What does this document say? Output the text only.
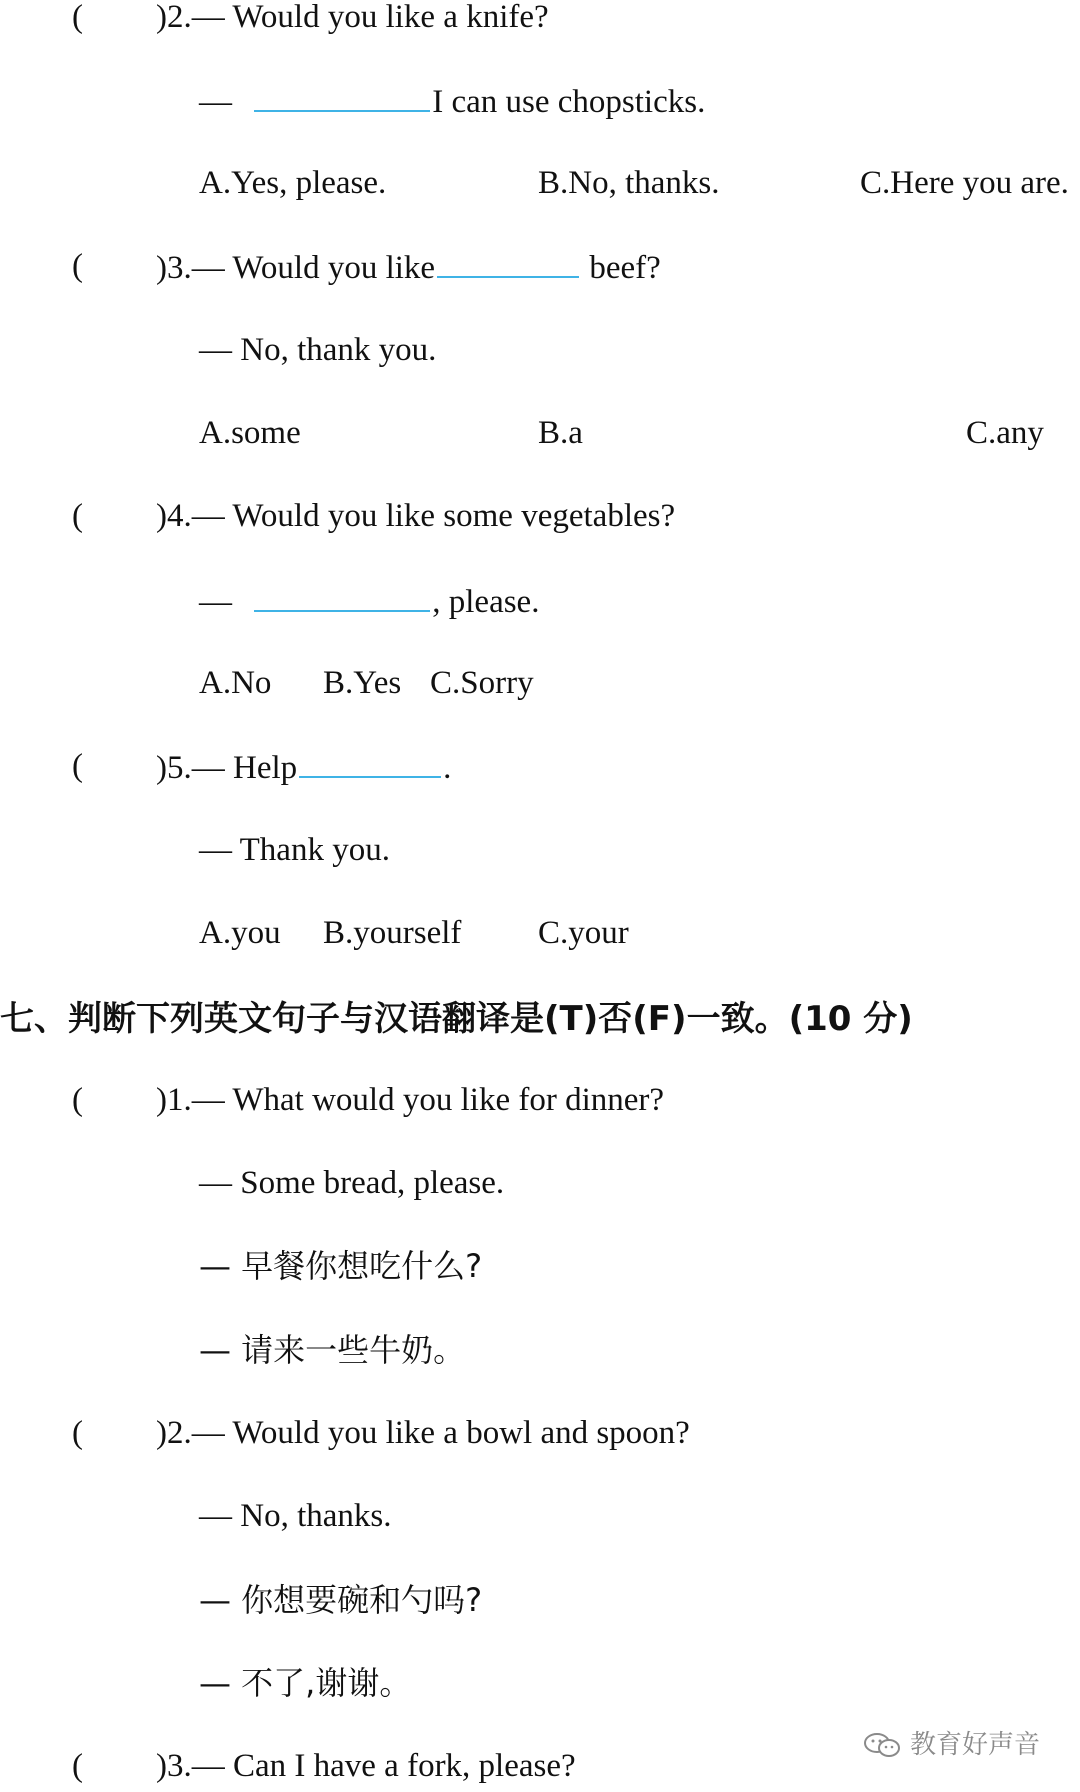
( )2.— Would you like a knife?
—	I can use chopsticks.
A.Yes, please.	B.No, thanks.	C.Here you are.
( )3.— Would you like	beef?
— No, thank you.
A.some	B.a	C.any
( )4.— Would you like some vegetables?
—	, please.
A.No B.Yes C.Sorry
( )5.— Help	.
— Thank you.
A.you B.yourself C.your
七、判断下列英文句子与汉语翻译是(T)否(F)一致。(10 分)
( )1.— What would you like for dinner?
— Some bread, please.
— 早餐你想吃什么?
— 请来一些牛奶。
( )2.— Would you like a bowl and spoon?
— No, thanks.
— 你想要碗和勺吗?
— 不了,谢谢。
( )3.— Can I have a fork, please?
教育好声音
